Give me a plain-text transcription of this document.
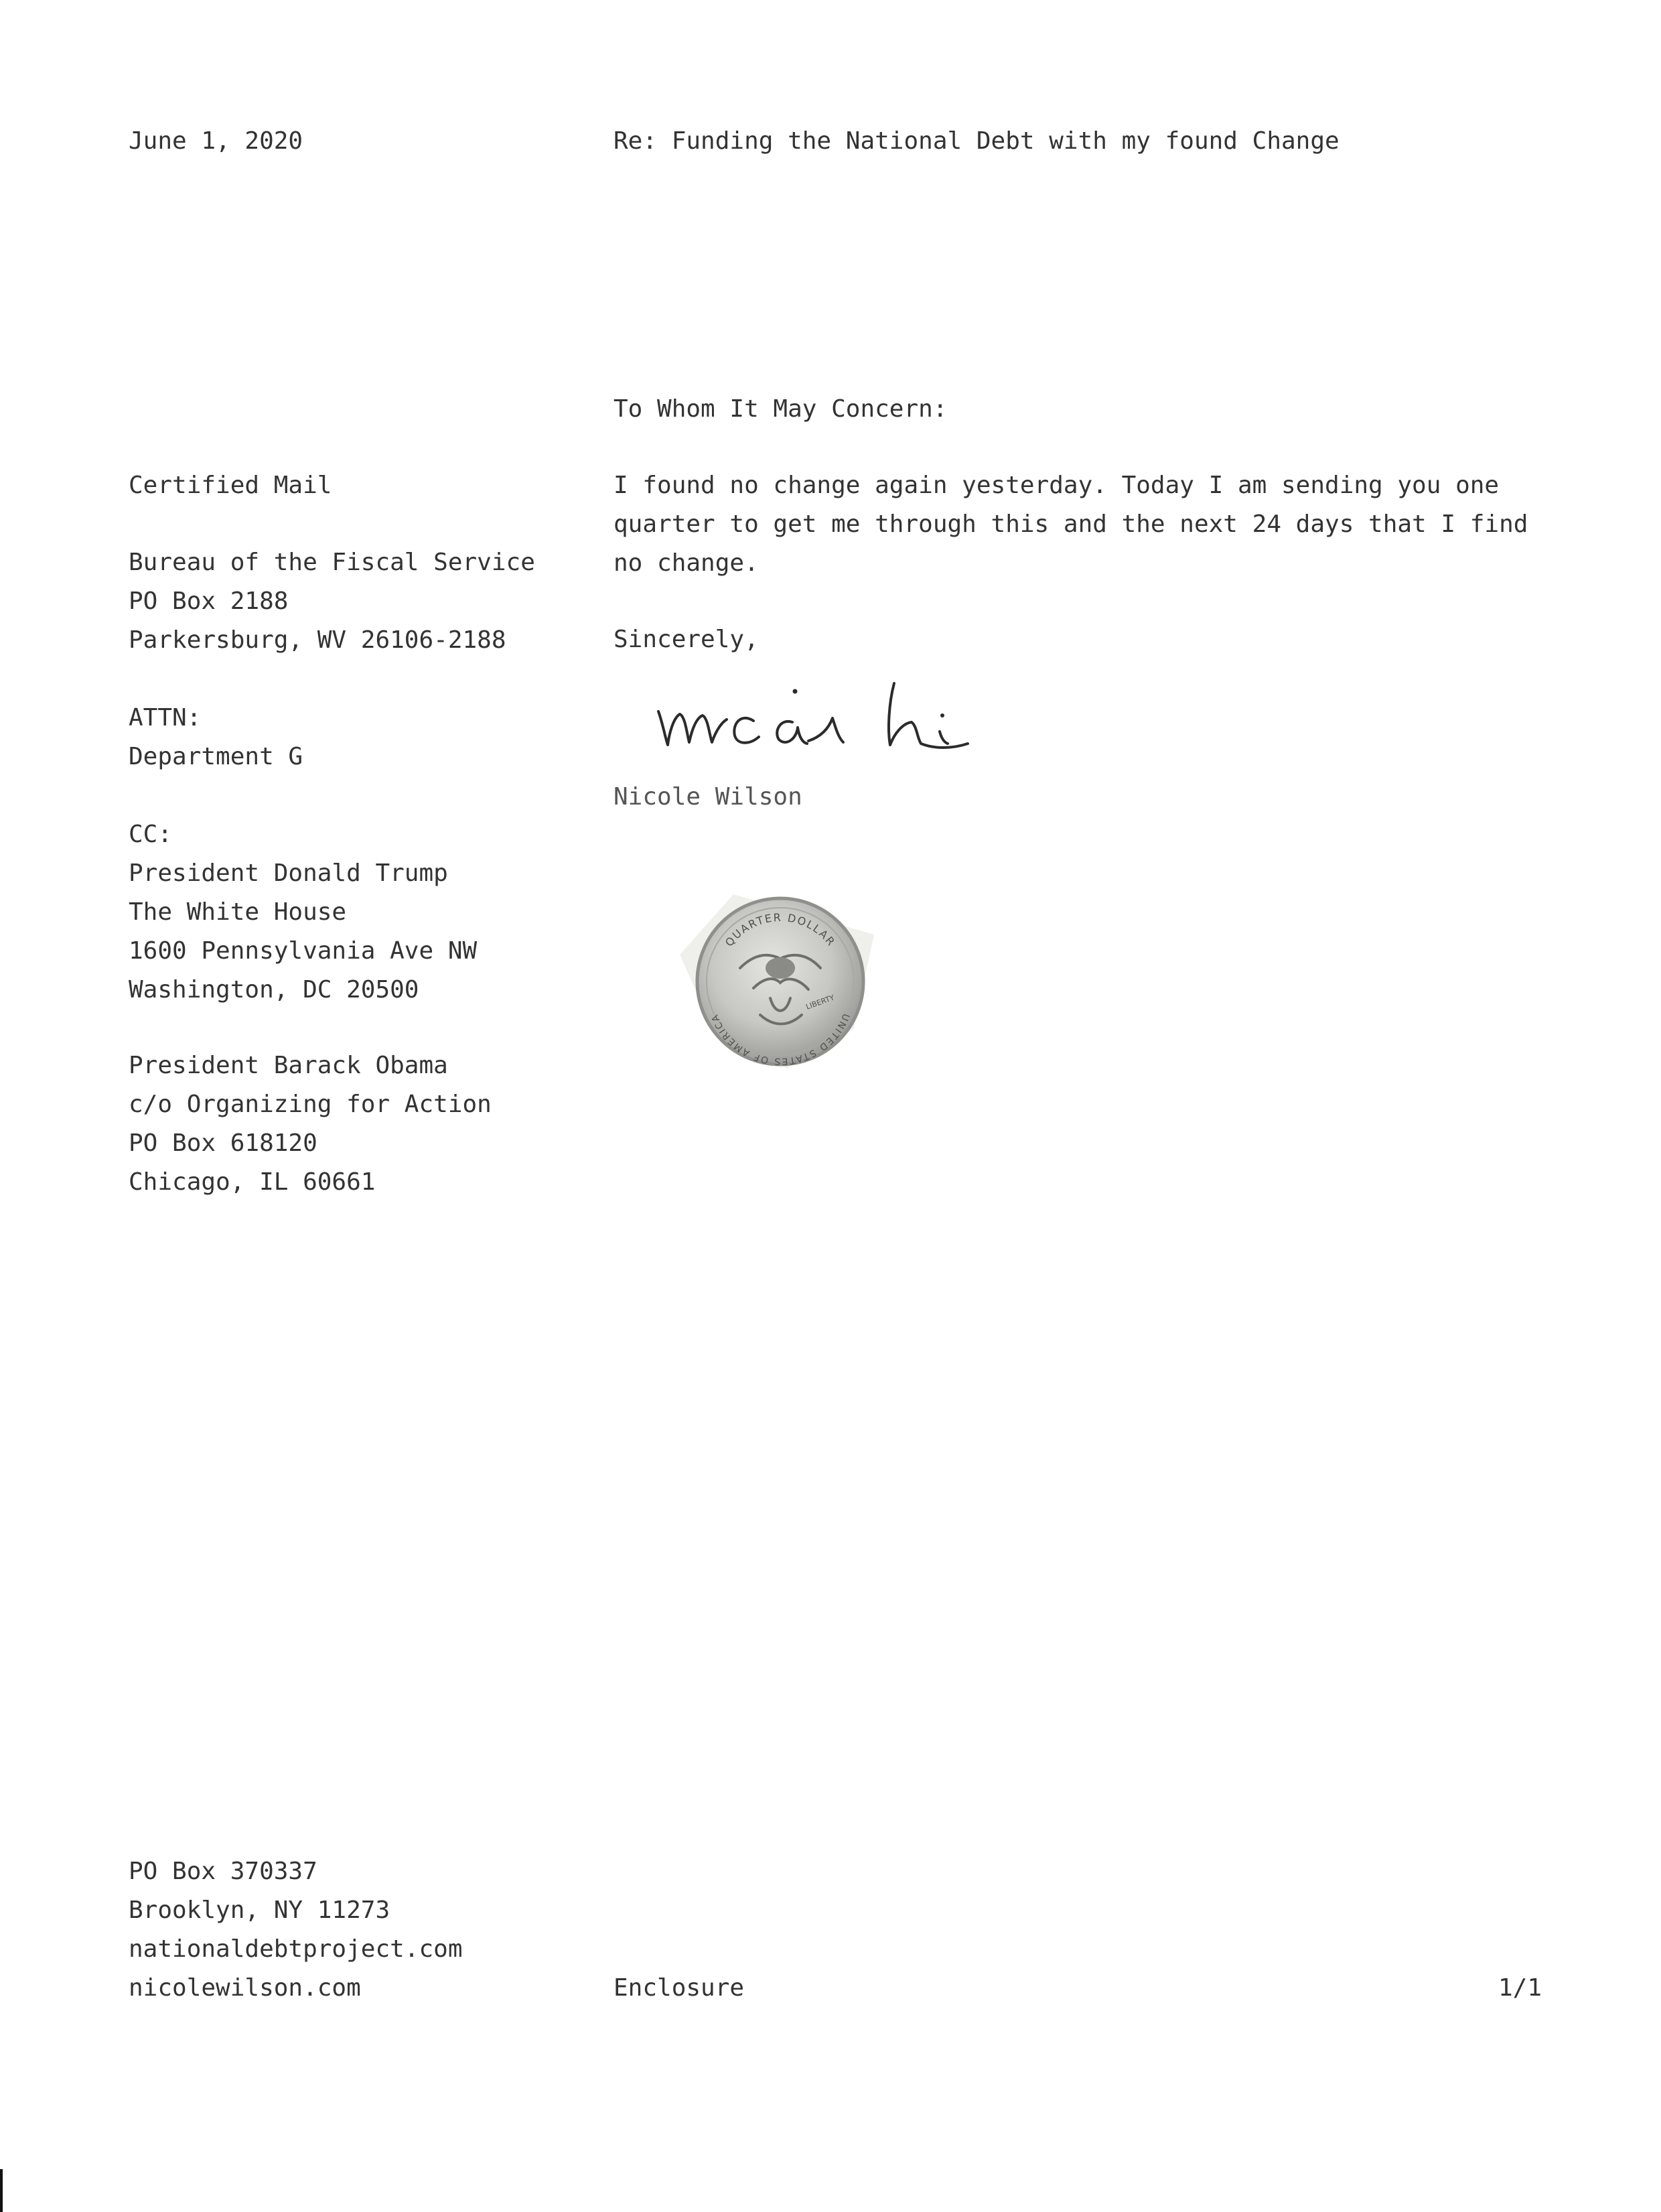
June 1, 2020	Re: Funding the National Debt with my found Change

To Whom It May Concern:

Certified Mail

Bureau of the Fiscal Service
PO Box 2188
Parkersburg, WV 26106-2188
ATTN:
Department G
CC:
President Donald Trump
The White House
1600 Pennsylvania Ave NW
Washington, DC 20500
President Barack Obama
c/o Organizing for Action
PO Box 618120
Chicago, IL 60661

I found no change again yesterday. Today I am sending you one quarter to get me through this and the next 24 days that I find no change.

Sincerely,

Nicole Wilson

QUARTER DOLLAR
UNITED STATES OF AMERICA
LIBERTY
PO Box 370337
Brooklyn, NY 11273
nationaldebtproject.com
nicolewilson.com	Enclosure	1/1
